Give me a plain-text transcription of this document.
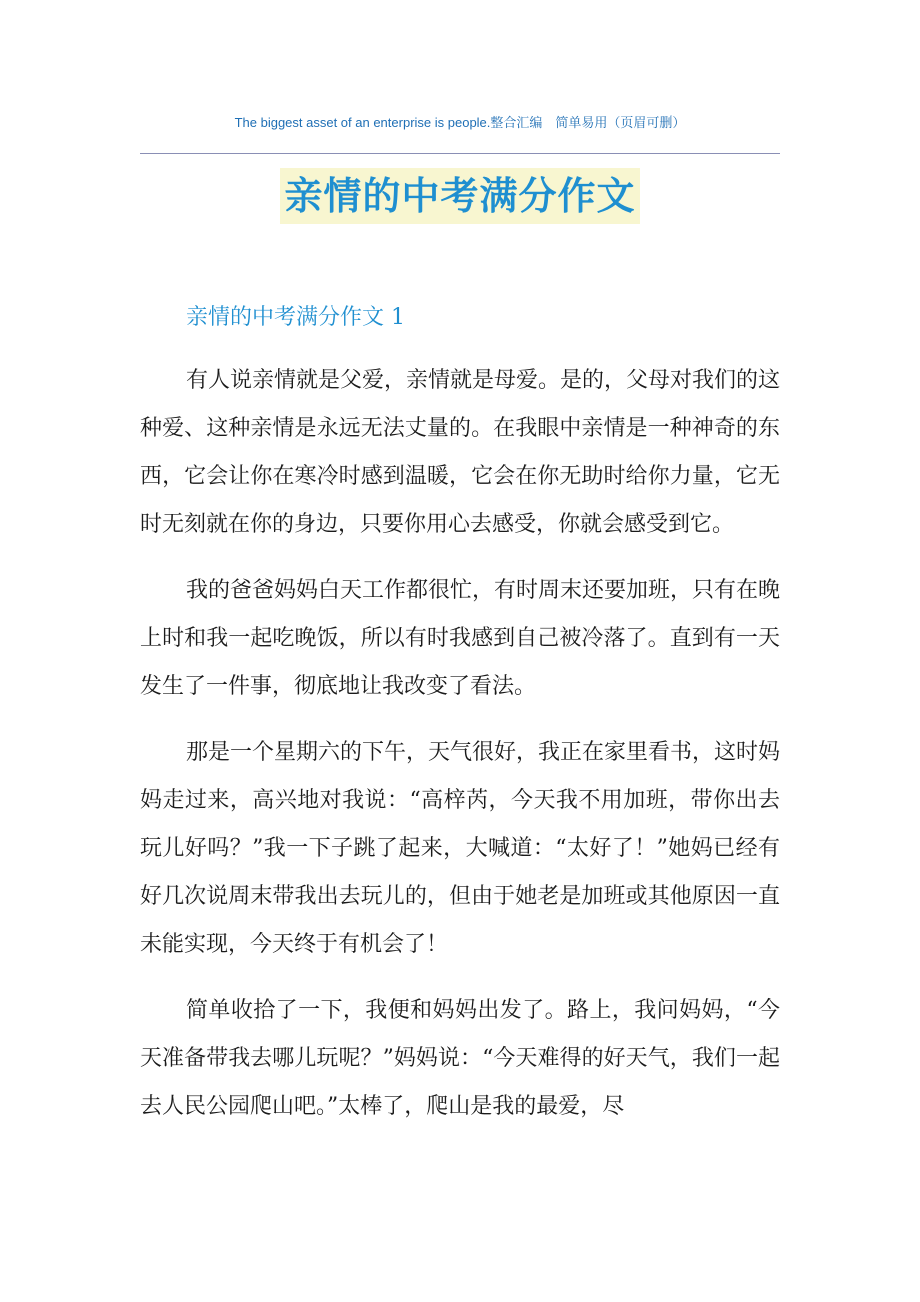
The biggest asset of an enterprise is people.整合汇编　简单易用（页眉可删）
亲情的中考满分作文
亲情的中考满分作文 1

有人说亲情就是父爱，亲情就是母爱。是的，父母对我们的这种爱、这种亲情是永远无法丈量的。在我眼中亲情是一种神奇的东西，它会让你在寒冷时感到温暖，它会在你无助时给你力量，它无时无刻就在你的身边，只要你用心去感受，你就会感受到它。

我的爸爸妈妈白天工作都很忙，有时周末还要加班，只有在晚上时和我一起吃晚饭，所以有时我感到自己被冷落了。直到有一天发生了一件事，彻底地让我改变了看法。

那是一个星期六的下午，天气很好，我正在家里看书，这时妈妈走过来，高兴地对我说：“高梓芮，今天我不用加班，带你出去玩儿好吗？”我一下子跳了起来，大喊道：“太好了！”她妈已经有好几次说周末带我出去玩儿的，但由于她老是加班或其他原因一直未能实现，今天终于有机会了！

简单收拾了一下，我便和妈妈出发了。路上，我问妈妈，“今天准备带我去哪儿玩呢？”妈妈说：“今天难得的好天气，我们一起去人民公园爬山吧。”太棒了，爬山是我的最爱，尽
